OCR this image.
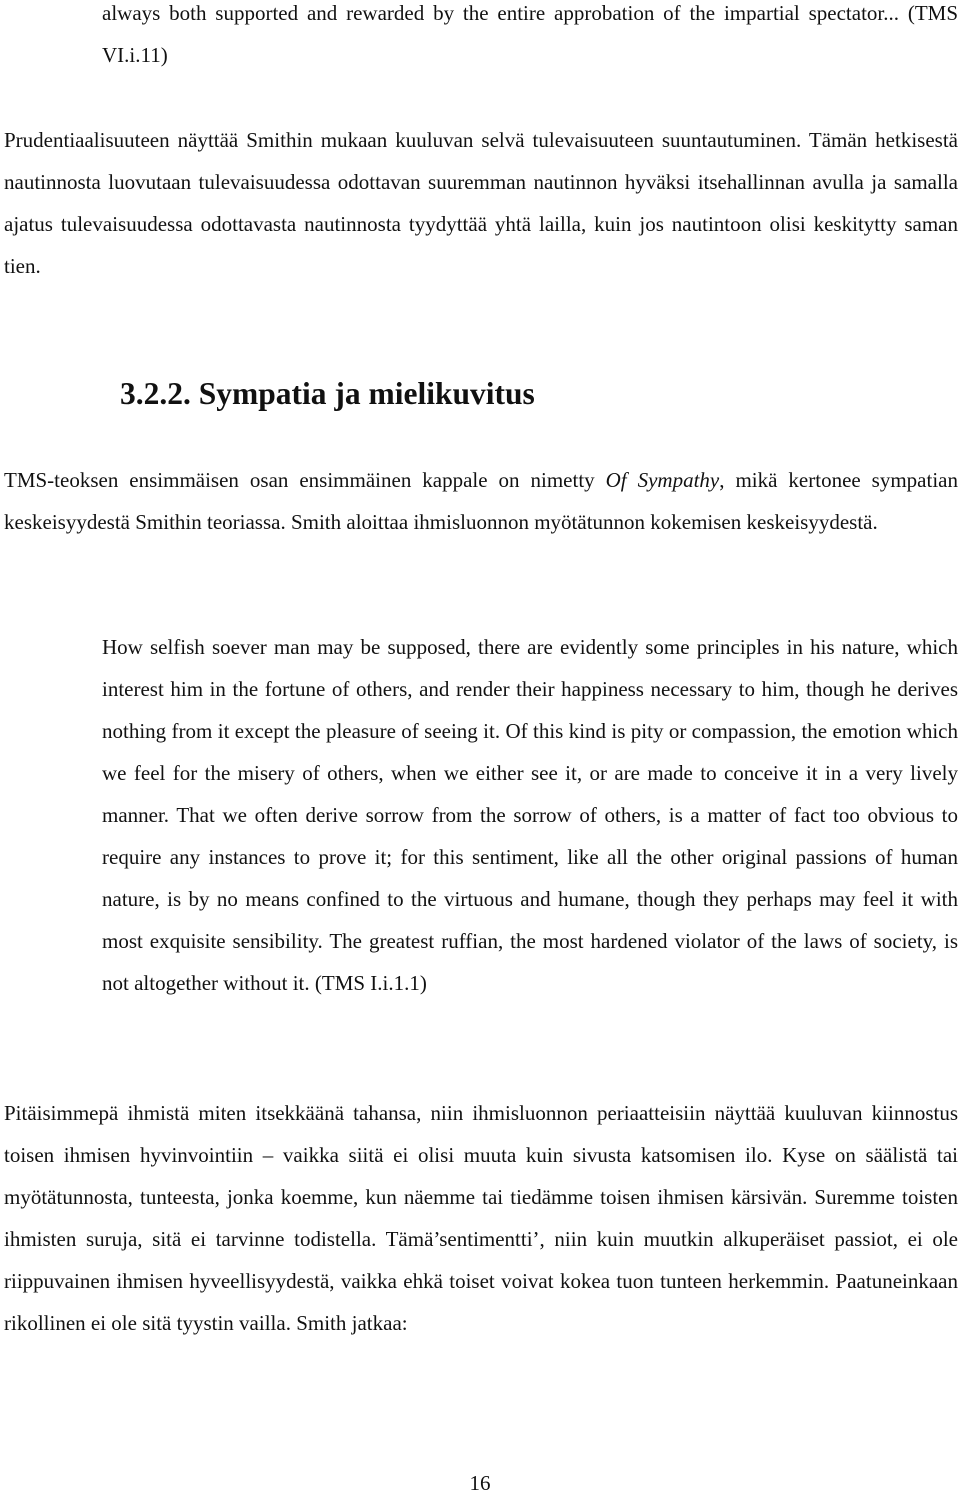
always both supported and rewarded by the entire approbation of the impartial spectator... (TMS VI.i.11)

Prudentiaalisuuteen näyttää Smithin mukaan kuuluvan selvä tulevaisuuteen suuntautuminen. Tämän hetkisestä nautinnosta luovutaan tulevaisuudessa odottavan suuremman nautinnon hyväksi itsehallinnan avulla ja samalla ajatus tulevaisuudessa odottavasta nautinnosta tyydyttää yhtä lailla, kuin jos nautintoon olisi keskitytty saman tien.

3.2.2. Sympatia ja mielikuvitus

TMS-teoksen ensimmäisen osan ensimmäinen kappale on nimetty Of Sympathy, mikä kertonee sympatian keskeisyydestä Smithin teoriassa. Smith aloittaa ihmisluonnon myötätunnon kokemisen keskeisyydestä.

How selfish soever man may be supposed, there are evidently some principles in his nature, which interest him in the fortune of others, and render their happiness necessary to him, though he derives nothing from it except the pleasure of seeing it. Of this kind is pity or compassion, the emotion which we feel for the misery of others, when we either see it, or are made to conceive it in a very lively manner. That we often derive sorrow from the sorrow of others, is a matter of fact too obvious to require any instances to prove it; for this sentiment, like all the other original passions of human nature, is by no means confined to the virtuous and humane, though they perhaps may feel it with most exquisite sensibility. The greatest ruffian, the most hardened violator of the laws of society, is not altogether without it. (TMS I.i.1.1)

Pitäisimmepä ihmistä miten itsekkäänä tahansa, niin ihmisluonnon periaatteisiin näyttää kuuluvan kiinnostus toisen ihmisen hyvinvointiin – vaikka siitä ei olisi muuta kuin sivusta katsomisen ilo. Kyse on säälistä tai myötätunnosta, tunteesta, jonka koemme, kun näemme tai tiedämme toisen ihmisen kärsivän. Suremme toisten ihmisten suruja, sitä ei tarvinne todistella. Tämä’sentimentti’, niin kuin muutkin alkuperäiset passiot, ei ole riippuvainen ihmisen hyveellisyydestä, vaikka ehkä toiset voivat kokea tuon tunteen herkemmin. Paatuneinkaan rikollinen ei ole sitä tyystin vailla. Smith jatkaa:

16
